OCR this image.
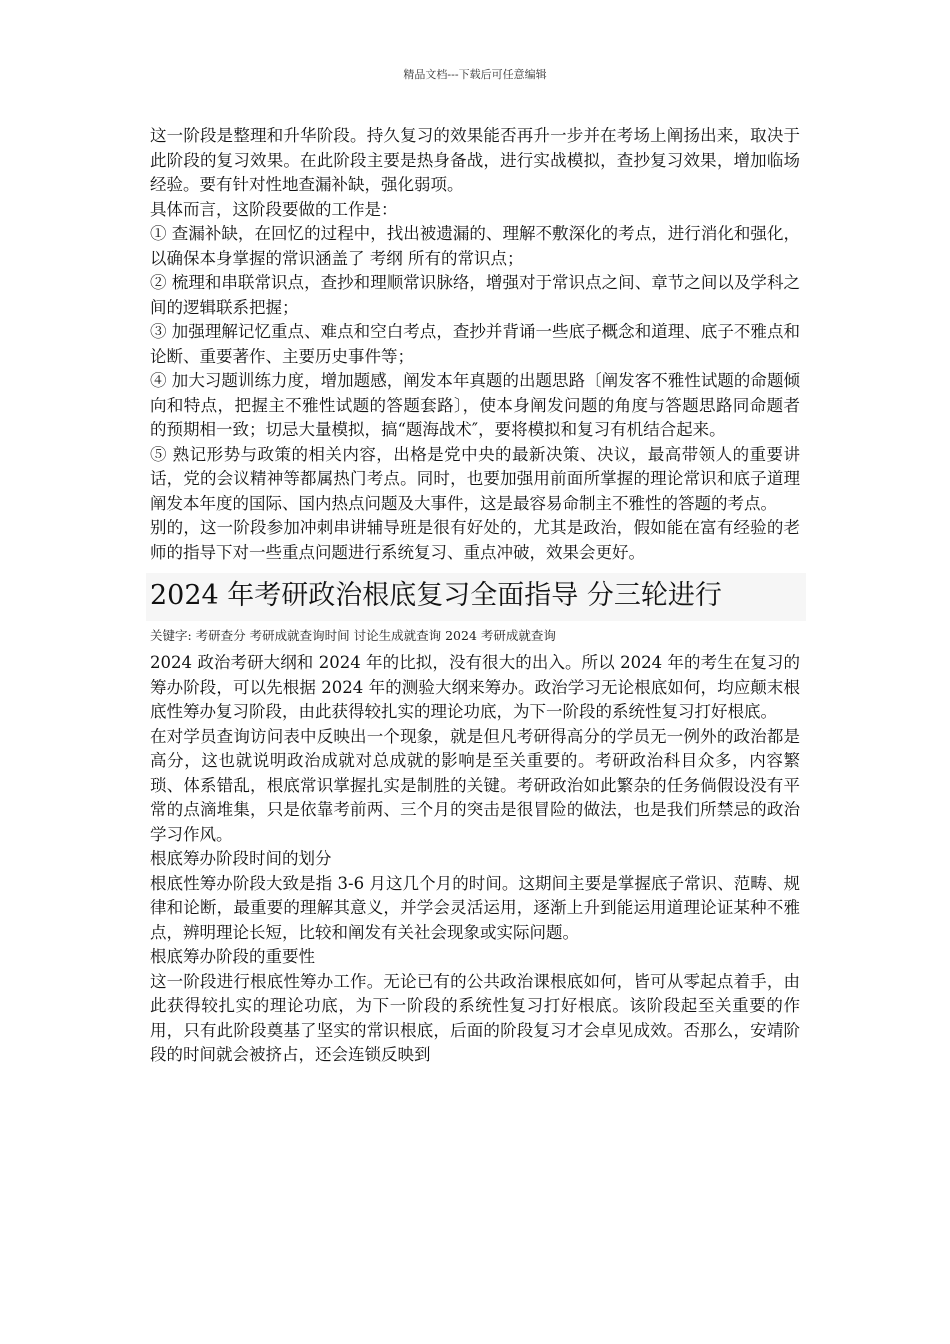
精品文档---下载后可任意编辑

这一阶段是整理和升华阶段。持久复习的效果能否再升一步并在考场上阐扬出来，取决于此阶段的复习效果。在此阶段主要是热身备战，进行实战模拟，查抄复习效果，增加临场经验。要有针对性地查漏补缺，强化弱项。

具体而言，这阶段要做的工作是：

① 查漏补缺，在回忆的过程中，找出被遗漏的、理解不敷深化的考点，进行消化和强化，以确保本身掌握的常识涵盖了 考纲 所有的常识点；

② 梳理和串联常识点，查抄和理顺常识脉络，增强对于常识点之间、章节之间以及学科之间的逻辑联系把握；

③ 加强理解记忆重点、难点和空白考点，查抄并背诵一些底子概念和道理、底子不雅点和论断、重要著作、主要历史事件等；

④ 加大习题训练力度，增加题感，阐发本年真题的出题思路〔阐发客不雅性试题的命题倾向和特点，把握主不雅性试题的答题套路〕，使本身阐发问题的角度与答题思路同命题者的预期相一致；切忌大量模拟，搞“题海战术″，要将模拟和复习有机结合起来。

⑤ 熟记形势与政策的相关内容，出格是党中央的最新决策、决议，最高带领人的重要讲话，党的会议精神等都属热门考点。同时，也要加强用前面所掌握的理论常识和底子道理阐发本年度的国际、国内热点问题及大事件，这是最容易命制主不雅性的答题的考点。

别的，这一阶段参加冲刺串讲辅导班是很有好处的，尤其是政治，假如能在富有经验的老师的指导下对一些重点问题进行系统复习、重点冲破，效果会更好。

2024 年考研政治根底复习全面指导 分三轮进行

关键字: 考研查分 考研成就查询时间 讨论生成就查询 2024 考研成就查询

2024 政治考研大纲和 2024 年的比拟，没有很大的出入。所以 2024 年的考生在复习的筹办阶段，可以先根据 2024 年的测验大纲来筹办。政治学习无论根底如何，均应颠末根底性筹办复习阶段，由此获得较扎实的理论功底，为下一阶段的系统性复习打好根底。

在对学员查询访问表中反映出一个现象，就是但凡考研得高分的学员无一例外的政治都是高分，这也就说明政治成就对总成就的影响是至关重要的。考研政治科目众多，内容繁琐、体系错乱，根底常识掌握扎实是制胜的关键。考研政治如此繁杂的任务倘假设没有平常的点滴堆集，只是依靠考前两、三个月的突击是很冒险的做法，也是我们所禁忌的政治学习作风。

根底筹办阶段时间的划分

根底性筹办阶段大致是指 3-6 月这几个月的时间。这期间主要是掌握底子常识、范畴、规律和论断，最重要的理解其意义，并学会灵活运用，逐渐上升到能运用道理论证某种不雅点，辨明理论长短，比较和阐发有关社会现象或实际问题。

根底筹办阶段的重要性

这一阶段进行根底性筹办工作。无论已有的公共政治课根底如何，皆可从零起点着手，由此获得较扎实的理论功底，为下一阶段的系统性复习打好根底。该阶段起至关重要的作用，只有此阶段奠基了坚实的常识根底，后面的阶段复习才会卓见成效。否那么，安靖阶段的时间就会被挤占，还会连锁反映到
